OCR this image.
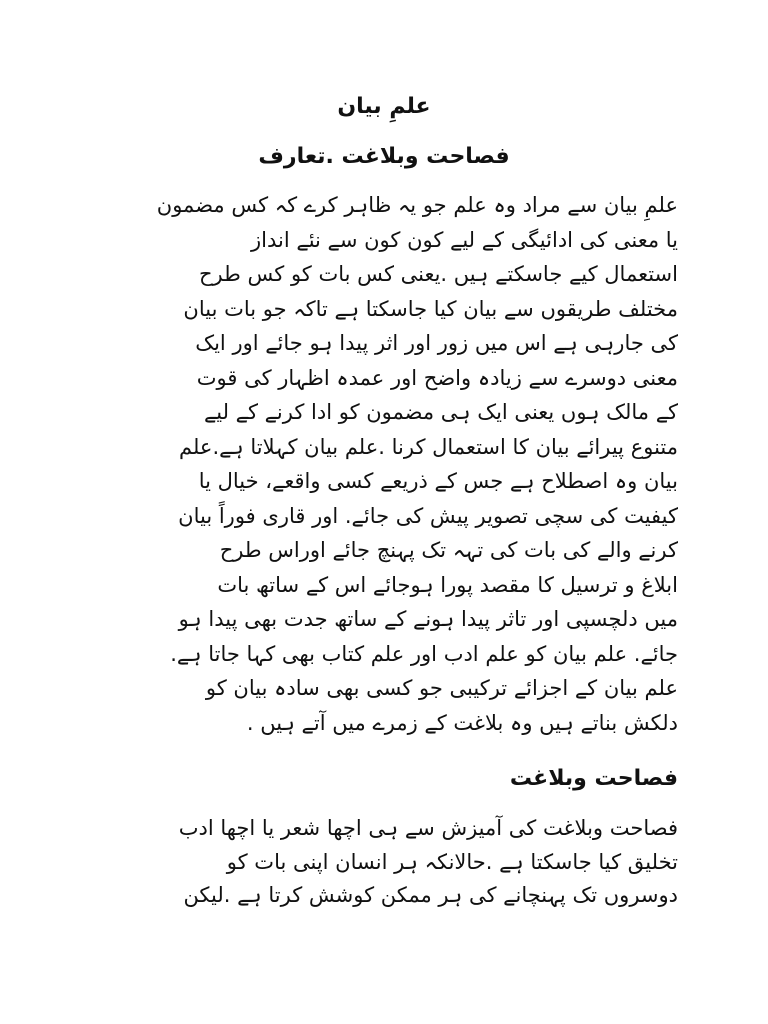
علمِ بیان
فصاحت وبلاغت .تعارف
علمِ بیان سے مراد وہ علم جو یہ ظاہر کرے کہ کس مضمون
یا معنی کی ادائیگی کے لیے کون کون سے نئے انداز
استعمال کیے جاسکتے ہیں .یعنی کس بات کو کس طرح
مختلف طریقوں سے بیان کیا جاسکتا ہے تاکہ جو بات بیان
کی جارہی ہے اس میں زور اور اثر پیدا ہو جائے اور ایک
معنی دوسرے سے زیادہ واضح اور عمدہ اظہار کی قوت
کے مالک ہوں یعنی ایک ہی مضمون کو ادا کرنے کے لیے
متنوع پیرائے بیان کا استعمال کرنا .علم بیان کہلاتا ہے.علم
بیان وہ اصطلاح ہے جس کے ذریعے کسی واقعے، خیال یا
کیفیت کی سچی تصویر پیش کی جائے. اور قاری فوراً بیان
کرنے والے کی بات کی تہہ تک پہنچ جائے اوراس طرح
ابلاغ و ترسیل کا مقصد پورا ہوجائے اس کے ساتھ بات
میں دلچسپی اور تاثر پیدا ہونے کے ساتھ جدت بھی پیدا ہو
جائے. علم بیان کو علم ادب اور علم کتاب بھی کہا جاتا ہے.
علم بیان کے اجزائے ترکیبی جو کسی بھی سادہ بیان کو
دلکش بناتے ہیں وہ بلاغت کے زمرے میں آتے ہیں .
فصاحت وبلاغت
فصاحت وبلاغت کی آمیزش سے ہی اچھا شعر یا اچھا ادب
تخلیق کیا جاسکتا ہے .حالانکہ ہر انسان اپنی بات کو
دوسروں تک پہنچانے کی ہر ممکن کوشش کرتا ہے .لیکن
